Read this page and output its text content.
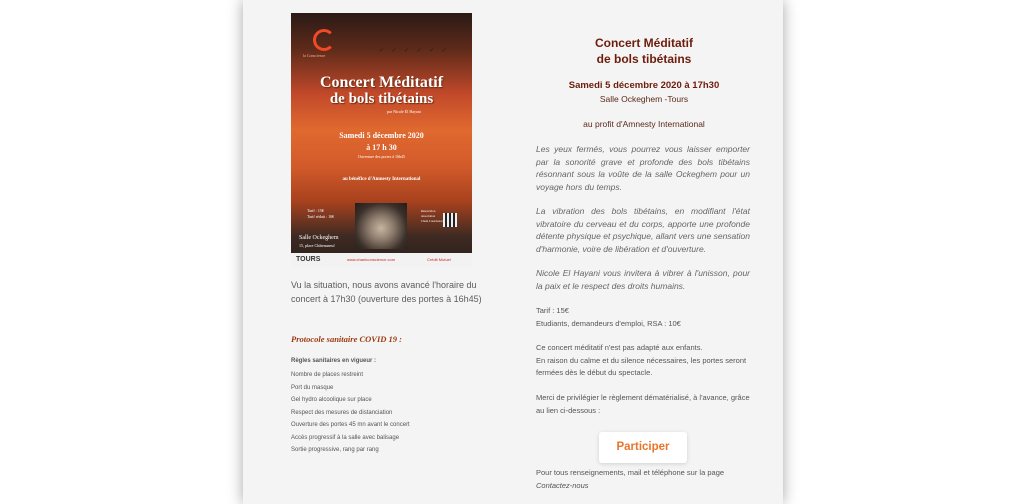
la Conscience
✓ ✓ ✓ ✓ ✓ ✓
Concert Méditatif
de bols tibétains
par Nicole El Hayani
Samedi 5 décembre 2020
à 17 h 30
Ouverture des portes à 16h45
au bénéfice d'Amnesty International
Tarif : 15€
Tarif réduit : 10€
Réservation
Association
Chant Conscience
Salle Ockeghem
15, place Châteauneuf
TOURS	www.chantconscience.com	Crédit Mutuel
Vu la situation, nous avons avancé l'horaire du concert à 17h30 (ouverture des portes à 16h45)
Protocole sanitaire COVID 19 :
Règles sanitaires en vigueur :
Nombre de places restreint
Port du masque
Gel hydro alcoolique sur place
Respect des mesures de distanciation
Ouverture des portes 45 mn avant le concert
Accès progressif à la salle avec balisage
Sortie progressive, rang par rang
Concert Méditatif
de bols tibétains
Samedi 5 décembre 2020 à 17h30
Salle Ockeghem -Tours
au profit d'Amnesty International
Les yeux fermés, vous pourrez vous laisser emporter par la sonorité grave et profonde des bols tibétains résonnant sous la voûte de la salle Ockeghem pour un voyage hors du temps.
La vibration des bols tibétains, en modifiant l'état vibratoire du cerveau et du corps, apporte une profonde détente physique et psychique, allant vers une sensation d'harmonie, voire de libération et d'ouverture.
Nicole El Hayani vous invitera à vibrer à l'unisson, pour la paix et le respect des droits humains.
Tarif : 15€
Etudiants, demandeurs d'emploi, RSA : 10€
Ce concert méditatif n'est pas adapté aux enfants.
En raison du calme et du silence nécessaires, les portes seront fermées dès le début du spectacle.
Merci de privilégier le règlement dématérialisé, à l'avance, grâce au lien ci-dessous :
Participer
Pour tous renseignements, mail et téléphone sur la page
Contactez-nous
